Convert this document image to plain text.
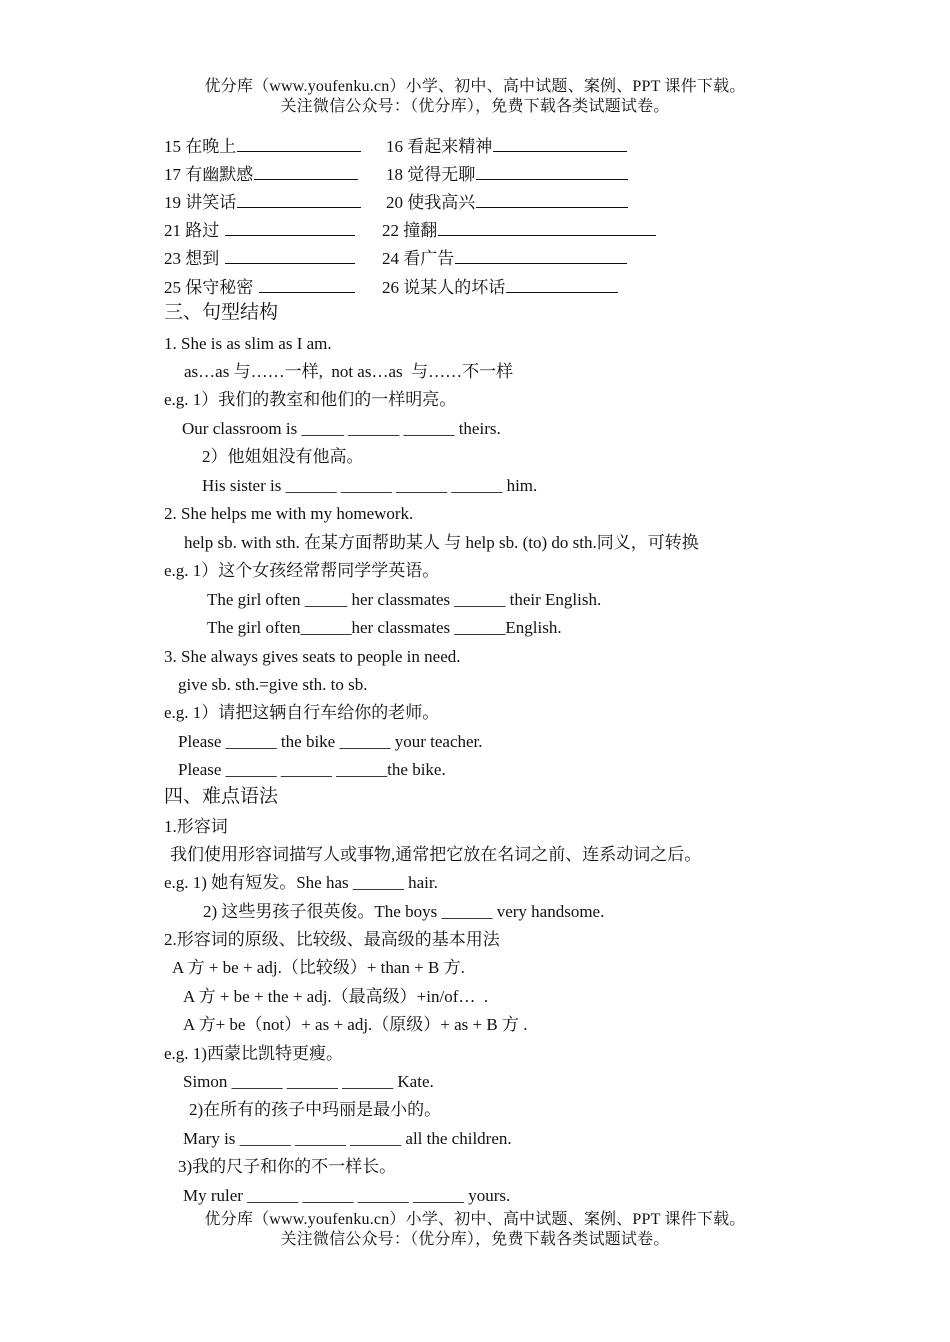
优分库（www.youfenku.cn）小学、初中、高中试题、案例、PPT 课件下载。
关注微信公众号：（优分库），免费下载各类试题试卷。
15 在晚上	16 看起来精神
17 有幽默感	18 觉得无聊
19 讲笑话	20 使我高兴
21 路过	22 撞翻
23 想到	24 看广告
25 保守秘密	26 说某人的坏话
三、句型结构
1. She is as slim as I am.
as…as 与……一样,  not as…as  与……不一样
e.g. 1）我们的教室和他们的一样明亮。
Our classroom is _____ ______ ______ theirs.
2）他姐姐没有他高。
His sister is ______ ______ ______ ______ him.
2. She helps me with my homework.
help sb. with sth. 在某方面帮助某人 与 help sb. (to) do sth.同义，可转换
e.g. 1）这个女孩经常帮同学学英语。
The girl often _____ her classmates ______ their English.
The girl often______her classmates ______English.
3. She always gives seats to people in need.
give sb. sth.=give sth. to sb.
e.g. 1）请把这辆自行车给你的老师。
Please ______ the bike ______ your teacher.
Please ______ ______ ______the bike.
四、难点语法
1.形容词
我们使用形容词描写人或事物,通常把它放在名词之前、连系动词之后。
e.g. 1) 她有短发。She has ______ hair.
2) 这些男孩子很英俊。The boys ______ very handsome.
2.形容词的原级、比较级、最高级的基本用法
A 方 + be + adj.（比较级）+ than + B 方.
A 方 + be + the + adj.（最高级）+in/of…  .
A 方+ be（not）+ as + adj.（原级）+ as + B 方 .
e.g. 1)西蒙比凯特更瘦。
Simon ______ ______ ______ Kate.
2)在所有的孩子中玛丽是最小的。
Mary is ______ ______ ______ all the children.
3)我的尺子和你的不一样长。
My ruler ______ ______ ______ ______ yours.
优分库（www.youfenku.cn）小学、初中、高中试题、案例、PPT 课件下载。
关注微信公众号：（优分库），免费下载各类试题试卷。
